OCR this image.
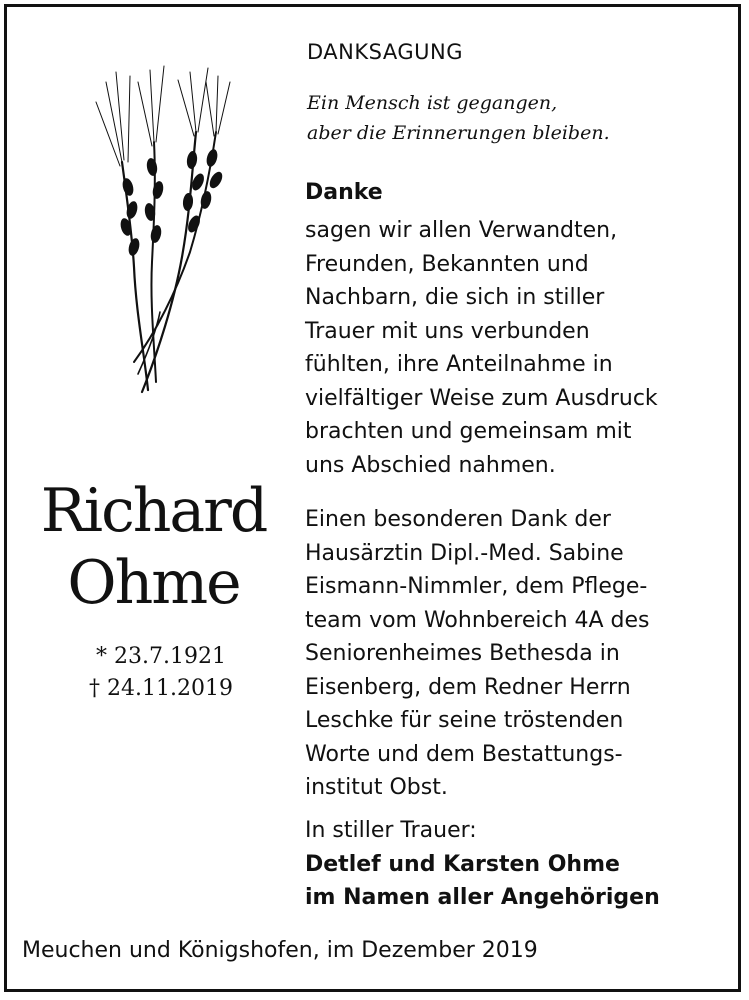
DANKSAGUNG
Ein Mensch ist gegangen,
aber die Erinnerungen bleiben.
Danke
sagen wir allen Verwandten,
Freunden, Bekannten und
Nachbarn, die sich in stiller
Trauer mit uns verbunden
fühlten, ihre Anteilnahme in
vielfältiger Weise zum Ausdruck
brachten und gemeinsam mit
uns Abschied nahmen.
Einen besonderen Dank der
Hausärztin Dipl.-Med. Sabine
Eismann-Nimmler, dem Pflege-
team vom Wohnbereich 4A des
Seniorenheimes Bethesda in
Eisenberg, dem Redner Herrn
Leschke für seine tröstenden
Worte und dem Bestattungs-
institut Obst.
In stiller Trauer:
Detlef und Karsten Ohme
im Namen aller Angehörigen
Richard
Ohme
* 23.7.1921
† 24.11.2019
Meuchen und Königshofen, im Dezember 2019
